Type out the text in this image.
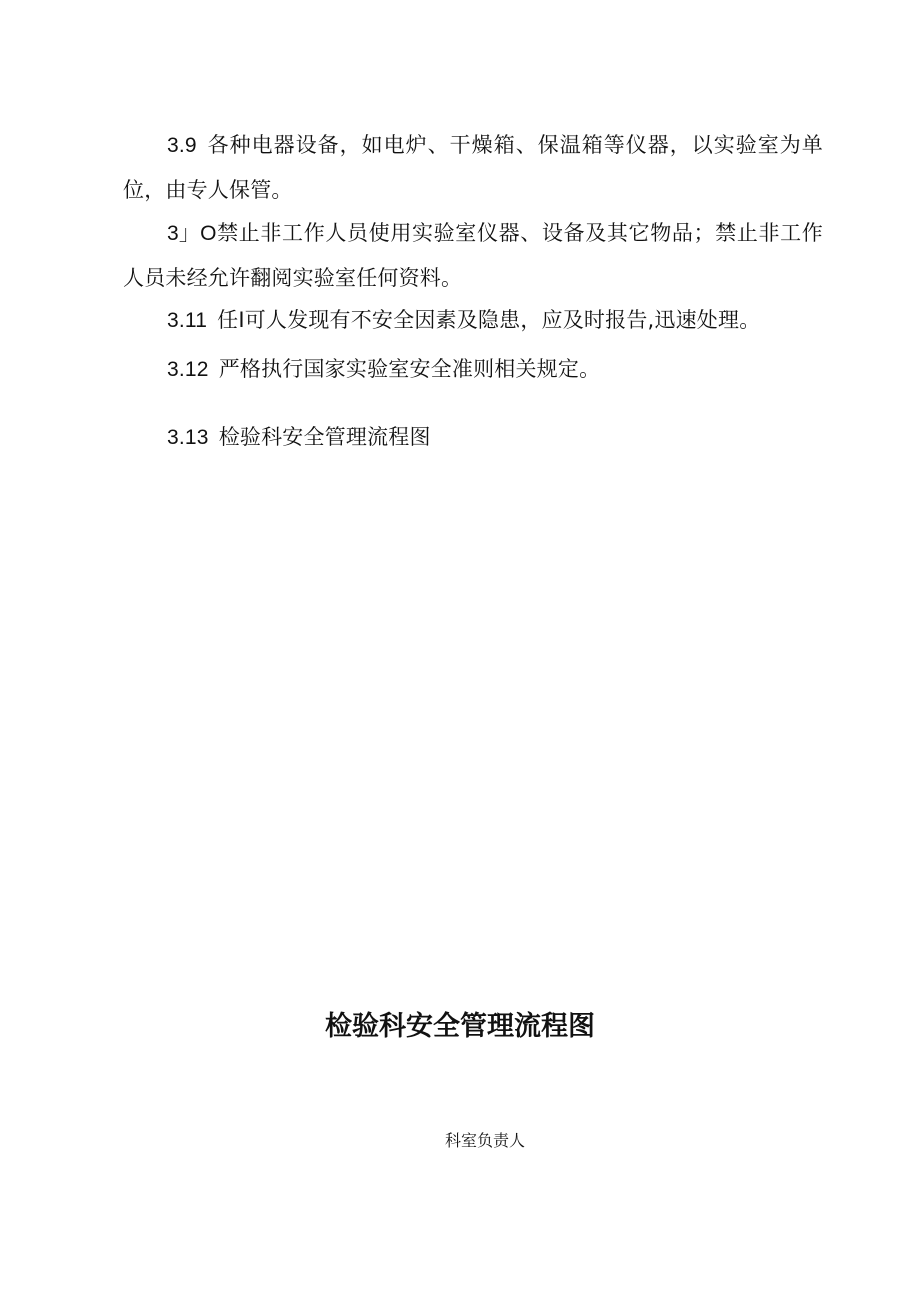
3.9 各种电器设备，如电炉、干燥箱、保温箱等仪器，以实验室为单位，由专人保管。

3」O禁止非工作人员使用实验室仪器、设备及其它物品；禁止非工作人员未经允许翻阅实验室任何资料。

3.11 任I可人发现有不安全因素及隐患，应及时报告,迅速处理。

3.12 严格执行国家实验室安全准则相关规定。

3.13 检验科安全管理流程图

检验科安全管理流程图
科室负责人
